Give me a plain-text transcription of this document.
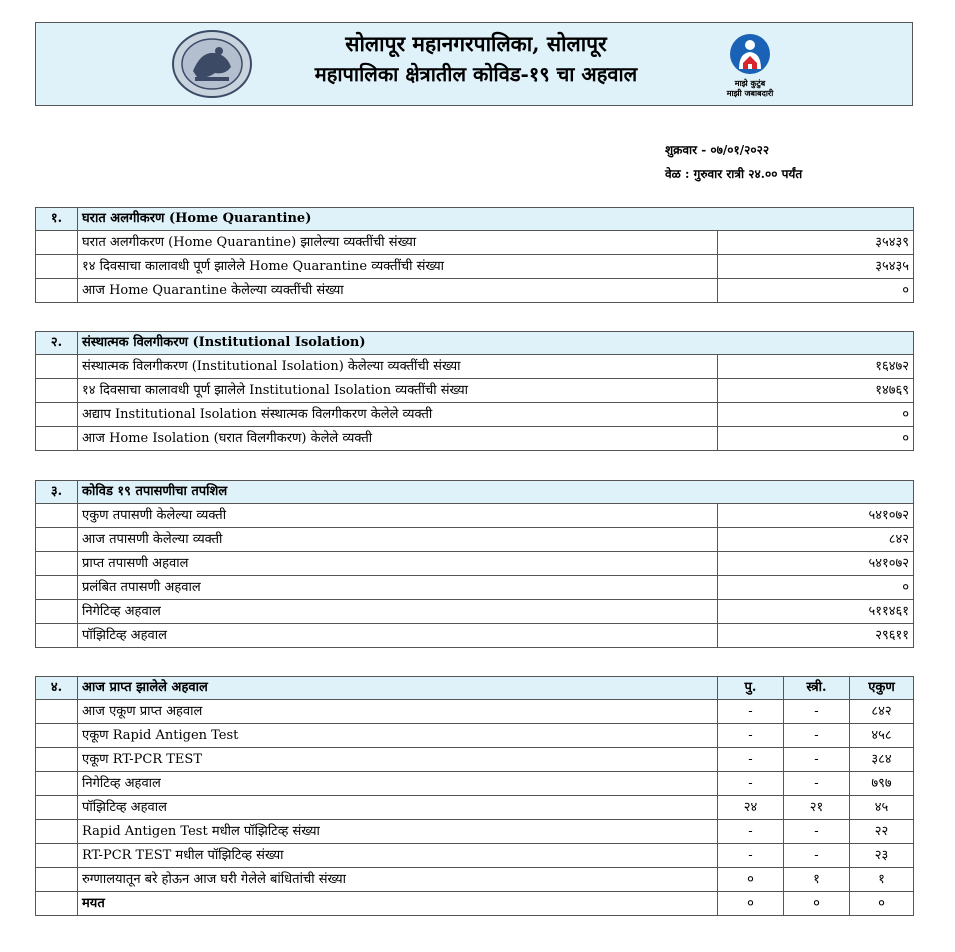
सोलापूर महानगरपालिका, सोलापूर
महापालिका क्षेत्रातील कोविड-१९ चा अहवाल	माझे कुटुंब
माझी जबाबदारी
शुक्रवार - ०७/०१/२०२२
वेळ : गुरुवार रात्री २४.०० पर्यंत
१.	घरात अलगीकरण (Home Quarantine)	
	घरात अलगीकरण (Home Quarantine) झालेल्या व्यक्तींची संख्या	३५४३९
	१४ दिवसाचा कालावधी पूर्ण झालेले Home Quarantine व्यक्तींची संख्या	३५४३५
	आज Home Quarantine केलेल्या व्यक्तींची संख्या	०
२.	संस्थात्मक विलगीकरण (Institutional Isolation)	
	संस्थात्मक विलगीकरण (Institutional Isolation) केलेल्या व्यक्तींची संख्या	१६४७२
	१४ दिवसाचा कालावधी पूर्ण झालेले Institutional Isolation व्यक्तींची संख्या	१४७६९
	अद्याप Institutional Isolation संस्थात्मक विलगीकरण केलेले व्यक्ती	०
	आज Home Isolation (घरात विलगीकरण) केलेले व्यक्ती	०
३.	कोविड १९ तपासणीचा तपशिल	
	एकुण तपासणी केलेल्या व्यक्ती	५४१०७२
	आज तपासणी केलेल्या व्यक्ती	८४२
	प्राप्त तपासणी अहवाल	५४१०७२
	प्रलंबित तपासणी अहवाल	०
	निगेटिव्ह अहवाल	५११४६१
	पॉझिटिव्ह अहवाल	२९६११
४.	आज प्राप्त झालेले अहवाल	पु.	स्त्री.	एकुण
	आज एकूण प्राप्त अहवाल	-	-	८४२
	एकूण Rapid Antigen Test	-	-	४५८
	एकूण RT-PCR TEST	-	-	३८४
	निगेटिव्ह अहवाल	-	-	७९७
	पॉझिटिव्ह अहवाल	२४	२१	४५
	Rapid Antigen Test मधील पॉझिटिव्ह संख्या	-	-	२२
	RT-PCR TEST मधील पॉझिटिव्ह संख्या	-	-	२३
	रुग्णालयातून बरे होऊन आज घरी गेलेले बांधितांची संख्या	०	१	१
	मयत	०	०	०
